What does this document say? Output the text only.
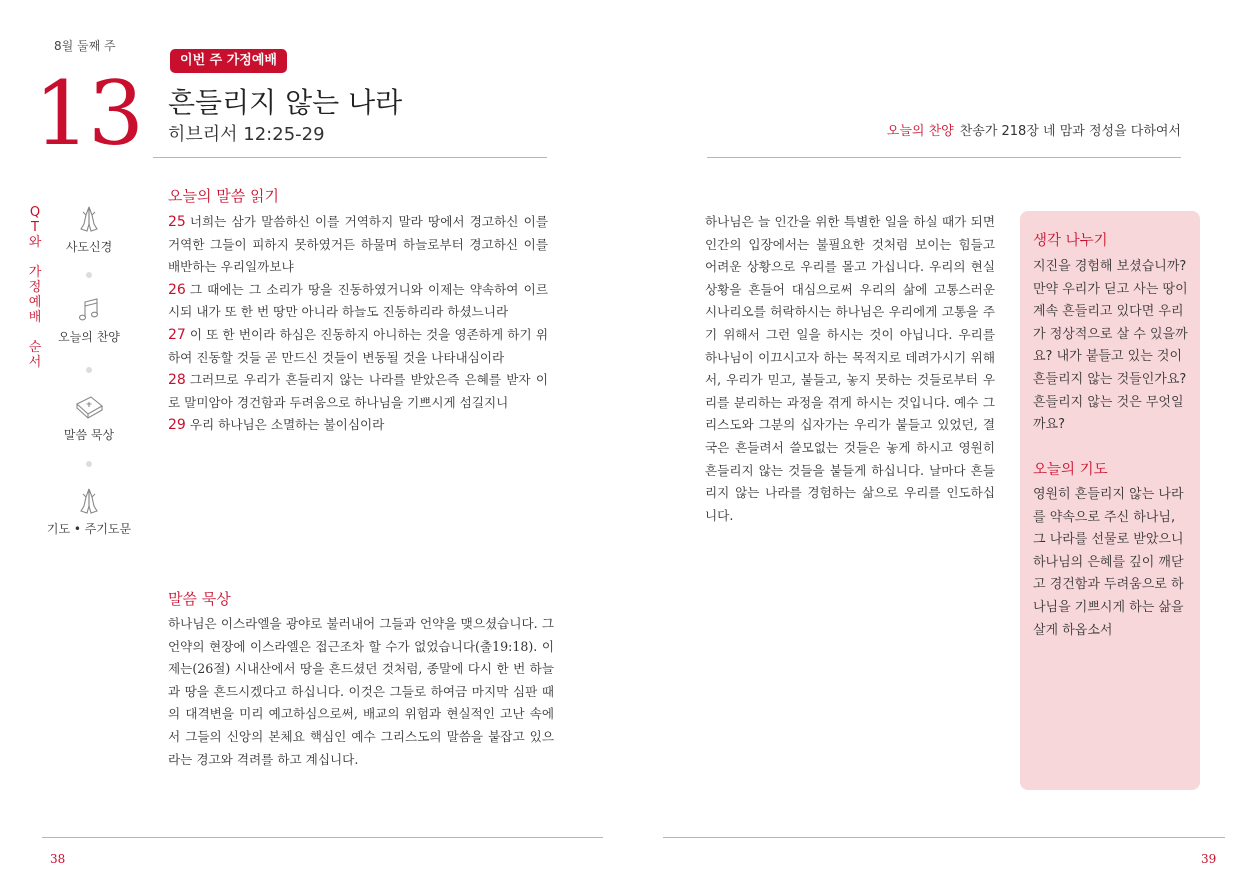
8월 둘째 주
13
이번 주 가정예배
흔들리지 않는 나라
히브리서 12:25-29
Q
T
와
가
정
예
배
순
서
사도신경
오늘의 찬양
말씀 묵상
기도 • 주기도문
오늘의 말씀 읽기

25 너희는 삼가 말씀하신 이를 거역하지 말라 땅에서 경고하신 이를 거역한 그들이 피하지 못하였거든 하물며 하늘로부터 경고하신 이를 배반하는 우리일까보냐

26 그 때에는 그 소리가 땅을 진동하였거니와 이제는 약속하여 이르시되 내가 또 한 번 땅만 아니라 하늘도 진동하리라 하셨느니라

27 이 또 한 번이라 하심은 진동하지 아니하는 것을 영존하게 하기 위하여 진동할 것들 곧 만드신 것들이 변동될 것을 나타내심이라

28 그러므로 우리가 흔들리지 않는 나라를 받았은즉 은혜를 받자 이로 말미암아 경건함과 두려움으로 하나님을 기쁘시게 섬길지니

29 우리 하나님은 소멸하는 불이심이라

말씀 묵상
하나님은 이스라엘을 광야로 불러내어 그들과 언약을 맺으셨습니다. 그 언약의 현장에 이스라엘은 접근조차 할 수가 없었습니다(출19:18). 이제는(26절) 시내산에서 땅을 흔드셨던 것처럼, 종말에 다시 한 번 하늘과 땅을 흔드시겠다고 하십니다. 이것은 그들로 하여금 마지막 심판 때의 대격변을 미리 예고하심으로써, 배교의 위험과 현실적인 고난 속에서 그들의 신앙의 본체요 핵심인 예수 그리스도의 말씀을 붙잡고 있으라는 경고와 격려를 하고 계십니다.
38
오늘의 찬양 찬송가 218장 네 맘과 정성을 다하여서
하나님은 늘 인간을 위한 특별한 일을 하실 때가 되면 인간의 입장에서는 불필요한 것처럼 보이는 힘들고 어려운 상황으로 우리를 몰고 가십니다. 우리의 현실 상황을 흔들어 대심으로써 우리의 삶에 고통스러운 시나리오를 허락하시는 하나님은 우리에게 고통을 주기 위해서 그런 일을 하시는 것이 아닙니다. 우리를 하나님이 이끄시고자 하는 목적지로 데려가시기 위해서, 우리가 믿고, 붙들고, 놓지 못하는 것들로부터 우리를 분리하는 과정을 겪게 하시는 것입니다. 예수 그리스도와 그분의 십자가는 우리가 붙들고 있었던, 결국은 흔들려서 쓸모없는 것들은 놓게 하시고 영원히 흔들리지 않는 것들을 붙들게 하십니다. 날마다 흔들리지 않는 나라를 경험하는 삶으로 우리를 인도하십니다.
생각 나누기
지진을 경험해 보셨습니까? 만약 우리가 딛고 사는 땅이 계속 흔들리고 있다면 우리가 정상적으로 살 수 있을까요? 내가 붙들고 있는 것이 흔들리지 않는 것들인가요? 흔들리지 않는 것은 무엇일까요?
오늘의 기도
영원히 흔들리지 않는 나라를 약속으로 주신 하나님, 그 나라를 선물로 받았으니 하나님의 은혜를 깊이 깨닫고 경건함과 두려움으로 하나님을 기쁘시게 하는 삶을 살게 하옵소서
39
